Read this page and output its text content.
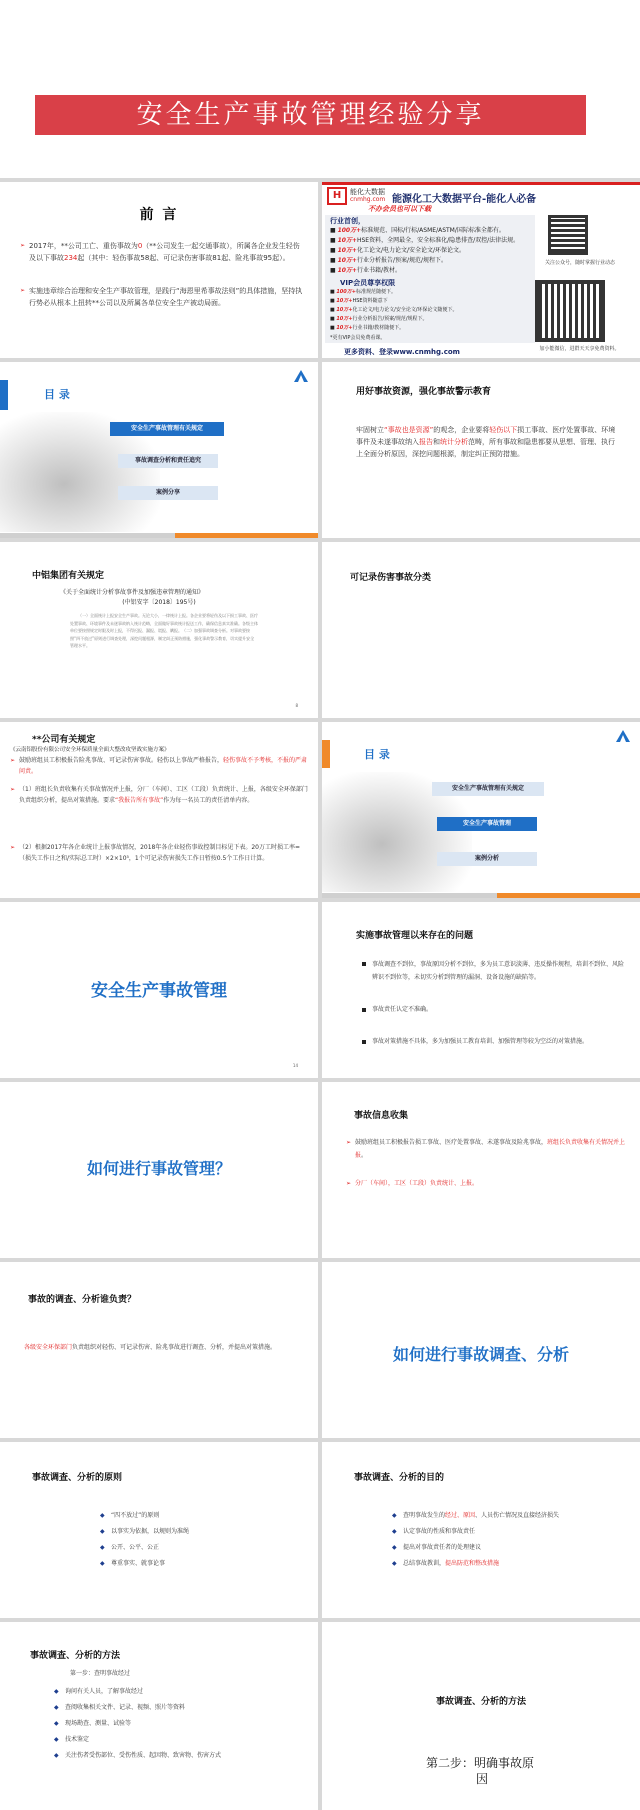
安全生产事故管理经验分享
前 言
➢ 2017年，**公司工亡、重伤事故为0（**公司发生一起交通事故），所属各企业发生轻伤及以下事故234起（其中：轻伤事故58起、可记录伤害事故81起、险兆事故95起）。
➢ 实施违章综合治理和安全生产事故管理，是践行“海恩里希事故法则”的具体措施，坚持执行势必从根本上扭转**公司以及所属各单位安全生产被动局面。
H	能化大数据
cnmhg.com 能源化工大数据平台-能化人必备
不办会员也可以下载
行业首创，
■ 100万+标准规范、国标/行标/ASME/ASTM/国际标准全都有。
■ 10万+HSE资料，全网最全，安全标准化/隐患排查/双控/法律法规。
■ 10万+化工论文/电力论文/安全论文/环保论文。
■ 10万+行业分析报告/预案/规范/规程下。
■ 10万+行业书籍/教材。
VIP会员尊享权限
■ 100万+标准规范随便下。
■ 10万+HSE资料随意下
■ 10万+化工论文/电力论文/安全论文/环保论文随便下。
■ 10万+行业分析报告/预案/规范/规程下。
■ 10万+行业书籍/教材随便下。
*更有VIP会员免费看课。
更多资料、登录www.cnmhg.com
关注公众号，随时掌握行业动态
加小能微信，进群天天享免费资料。
目 录
安全生产事故管理有关规定
事故调查分析和责任追究
案例分享
用好事故资源，强化事故警示教育
牢固树立“事故也是资源”的观念，企业要将轻伤以下损工事故、医疗处置事故、环境事件及未遂事故纳入报告和统计分析范畴，所有事故和隐患都要从思想、管理、执行上全面分析原因，深挖问题根源，制定纠正预防措施。
中铝集团有关规定
《关于全面统计分析事故事件及加强违章管理的通知》
(中铝安字〔2018〕195号)
（一）全面统计上报安全生产事故。无论大小，一律统计上报。各企业要将轻伤及以下损工事故、医疗处置事故、环境事件及未遂事故纳入统计范畴，全面做好事故统计报送工作，确保信息真实准确。各级主体单位要按照规定时限及时上报，不得迟报、漏报、谎报、瞒报。（二）加强事故调查分析。对事故要按照“四不放过”原则进行调查处理，深挖问题根源，制定纠正预防措施，强化事故警示教育，切实提升安全管理水平。
8
可记录伤害事故分类
**公司有关规定
《云南铝股份有限公司安全环保质量全面大整改攻坚战实施方案》
➢ 鼓励班组员工积极报告险兆事故、可记录伤害事故。轻伤以上事故严格报告，轻伤事故不予考核，不报的严肃问责。
➢ （1）班组长负责收集有关事故情况并上报，分厂（车间）、工区（工段）负责统计、上报，各级安全环保部门负责组织分析，提出对策措施。要求“我报告所有事故”作为每一名员工的责任清单内容。
➢ （2）根据2017年各企业统计上报事故情况，2018年各企业轻伤事故控制目标见下表。20万工时损工率=（损失工作日之和/实际总工时）×2×10⁵，1个可记录伤害损失工作日暂按0.5个工作日计算。
目 录
安全生产事故管理有关规定
安全生产事故管理
案例分析
安全生产事故管理
14
实施事故管理以来存在的问题
事故调查不到位，事故原因分析不到位，多为员工意识淡薄、违反操作规程，培训不到位、风险辨识不到位等，未切实分析到管理的漏洞、设备设施的缺陷等。
事故责任认定不准确。
事故对策措施不具体，多为加强员工教育培训、加强管理等较为空泛的对策措施。
如何进行事故管理？
事故信息收集
➢ 鼓励班组员工积极报告损工事故、医疗处置事故、未遂事故及险兆事故，班组长负责收集有关情况并上报。
➢ 分厂（车间），工区（工段）负责统计、上报。
事故的调查、分析谁负责？
各级安全环保部门负责组织对轻伤、可记录伤害、险兆事故进行调查、分析，并提出对策措施。	如何进行事故调查、分析
事故调查、分析的原则
◆ “四不放过”的原则
◆ 以事实为依据，以规则为准绳
◆ 公开、公平、公正
◆ 尊重事实、就事论事
事故调查、分析的目的
◆ 查明事故发生的经过、原因、人员伤亡情况及直接经济损失
◆ 认定事故的性质和事故责任
◆ 提出对事故责任者的处理建议
◆ 总结事故教训，提出防范和整改措施
事故调查、分析的方法
第一步：查明事故经过
◆ 询问有关人员，了解事故经过
◆ 查阅收集相关文件、记录、视频、照片等资料
◆ 现场勘查、测量、试验等
◆ 技术鉴定
◆ 关注伤者受伤部位、受伤性质、起因物、致害物、伤害方式
事故调查、分析的方法
第二步：明确事故原
因
